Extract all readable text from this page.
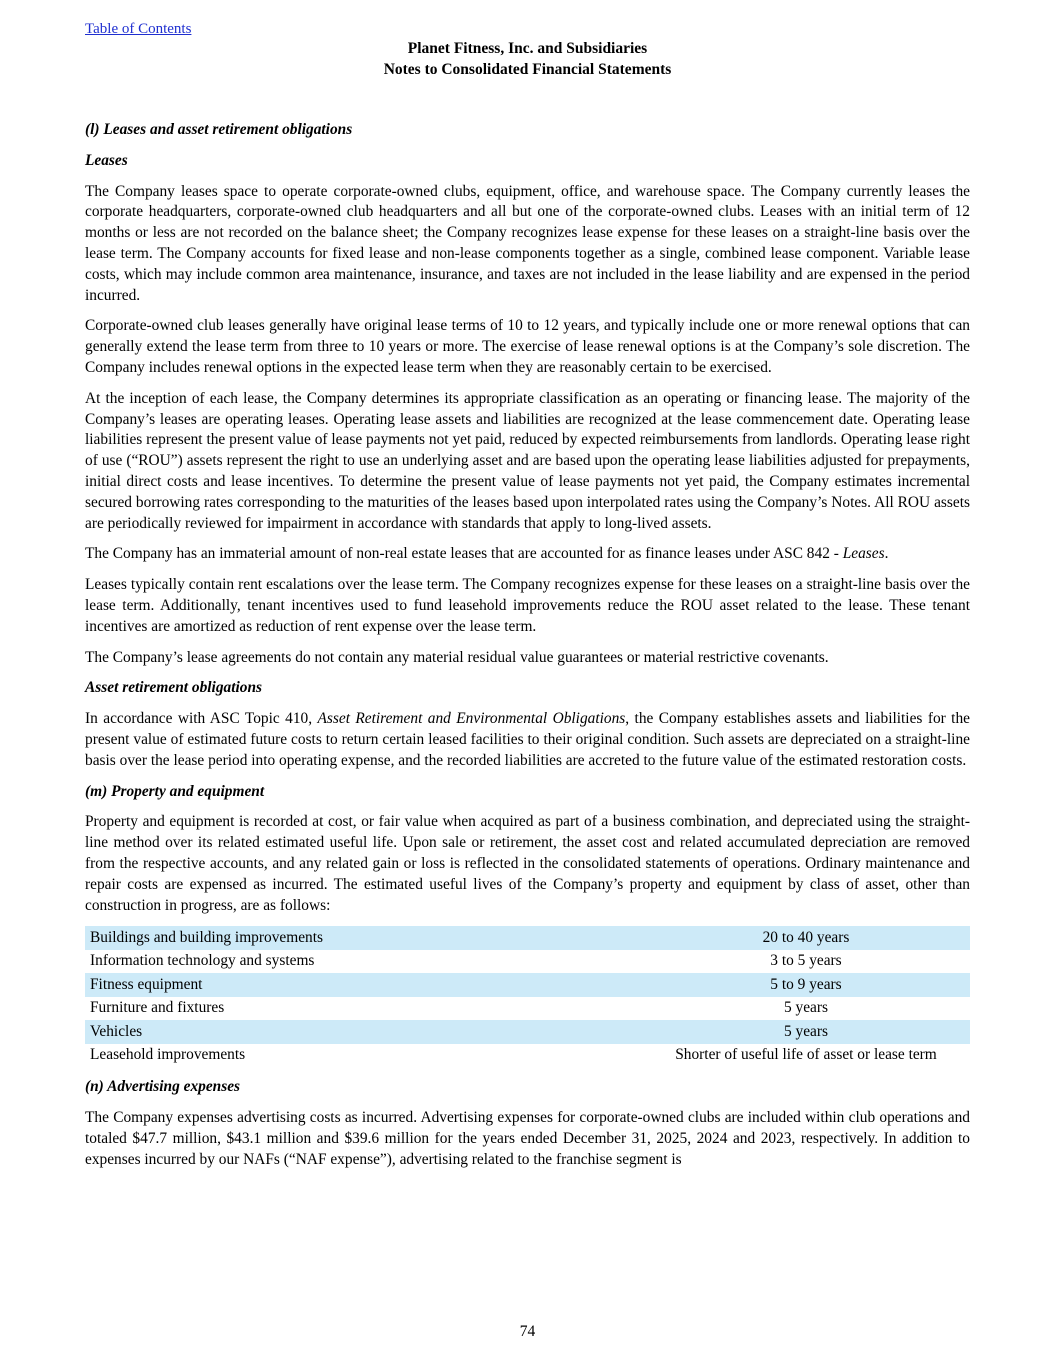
Table of Contents
Planet Fitness, Inc. and Subsidiaries
Notes to Consolidated Financial Statements
(l) Leases and asset retirement obligations
Leases

The Company leases space to operate corporate-owned clubs, equipment, office, and warehouse space. The Company currently leases the corporate headquarters, corporate-owned club headquarters and all but one of the corporate-owned clubs. Leases with an initial term of 12 months or less are not recorded on the balance sheet; the Company recognizes lease expense for these leases on a straight-line basis over the lease term. The Company accounts for fixed lease and non-lease components together as a single, combined lease component. Variable lease costs, which may include common area maintenance, insurance, and taxes are not included in the lease liability and are expensed in the period incurred.

Corporate-owned club leases generally have original lease terms of 10 to 12 years, and typically include one or more renewal options that can generally extend the lease term from three to 10 years or more. The exercise of lease renewal options is at the Company’s sole discretion. The Company includes renewal options in the expected lease term when they are reasonably certain to be exercised.

At the inception of each lease, the Company determines its appropriate classification as an operating or financing lease. The majority of the Company’s leases are operating leases. Operating lease assets and liabilities are recognized at the lease commencement date. Operating lease liabilities represent the present value of lease payments not yet paid, reduced by expected reimbursements from landlords. Operating lease right of use (“ROU”) assets represent the right to use an underlying asset and are based upon the operating lease liabilities adjusted for prepayments, initial direct costs and lease incentives. To determine the present value of lease payments not yet paid, the Company estimates incremental secured borrowing rates corresponding to the maturities of the leases based upon interpolated rates using the Company’s Notes. All ROU assets are periodically reviewed for impairment in accordance with standards that apply to long-lived assets.

The Company has an immaterial amount of non-real estate leases that are accounted for as finance leases under ASC 842 - Leases.

Leases typically contain rent escalations over the lease term. The Company recognizes expense for these leases on a straight-line basis over the lease term. Additionally, tenant incentives used to fund leasehold improvements reduce the ROU asset related to the lease. These tenant incentives are amortized as reduction of rent expense over the lease term.

The Company’s lease agreements do not contain any material residual value guarantees or material restrictive covenants.

Asset retirement obligations

In accordance with ASC Topic 410, Asset Retirement and Environmental Obligations, the Company establishes assets and liabilities for the present value of estimated future costs to return certain leased facilities to their original condition. Such assets are depreciated on a straight-line basis over the lease period into operating expense, and the recorded liabilities are accreted to the future value of the estimated restoration costs.

(m) Property and equipment

Property and equipment is recorded at cost, or fair value when acquired as part of a business combination, and depreciated using the straight-line method over its related estimated useful life. Upon sale or retirement, the asset cost and related accumulated depreciation are removed from the respective accounts, and any related gain or loss is reflected in the consolidated statements of operations. Ordinary maintenance and repair costs are expensed as incurred. The estimated useful lives of the Company’s property and equipment by class of asset, other than construction in progress, are as follows:

Buildings and building improvements	20 to 40 years
Information technology and systems	3 to 5 years
Fitness equipment	5 to 9 years
Furniture and fixtures	5 years
Vehicles	5 years
Leasehold improvements	Shorter of useful life of asset or lease term
(n) Advertising expenses

The Company expenses advertising costs as incurred. Advertising expenses for corporate-owned clubs are included within club operations and totaled $47.7 million, $43.1 million and $39.6 million for the years ended December 31, 2025, 2024 and 2023, respectively. In addition to expenses incurred by our NAFs (“NAF expense”), advertising related to the franchise segment is

74
